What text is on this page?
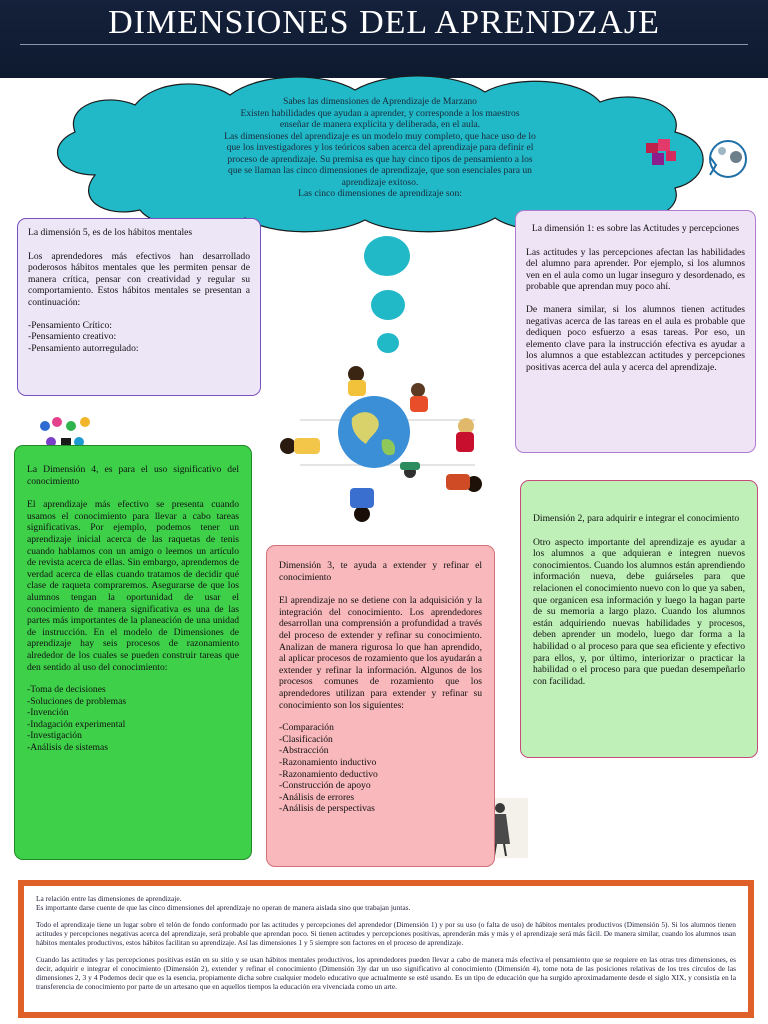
DIMENSIONES DEL APRENDZAJE
Sabes las dimensiones de Aprendizaje de Marzano
Existen habilidades que ayudan a aprender, y corresponde a los maestros
enseñar de manera explícita y deliberada, en el aula.
Las dimensiones del aprendizaje es un modelo muy completo, que hace uso de lo
que los investigadores y los teóricos saben acerca del aprendizaje para definir el
proceso de aprendizaje. Su premisa es que hay cinco tipos de pensamiento a los
que se llaman las cinco dimensiones de aprendizaje, que son esenciales para un
aprendizaje exitoso.
Las cinco dimensiones de aprendizaje son:

La dimensión 5, es de los hábitos mentales

Los aprendedores más efectivos han desarrollado poderosos hábitos mentales que les permiten pensar de manera crítica, pensar con creatividad y regular su comportamiento. Estos hábitos mentales se presentan a continuación:

-Pensamiento Crítico:
-Pensamiento creativo:
-Pensamiento autorregulado:

La dimensión 1: es sobre las Actitudes y percepciones

Las actitudes y las percepciones afectan las habilidades del alumno para aprender. Por ejemplo, si los alumnos ven en el aula como un lugar inseguro y desordenado, es probable que aprendan muy poco ahí.

De manera similar, si los alumnos tienen actitudes negativas acerca de las tareas en el aula es probable que dediquen poco esfuerzo a esas tareas. Por eso, un elemento clave para la instrucción efectiva es ayudar a los alumnos a que establezcan actitudes y percepciones positivas acerca del aula y acerca del aprendizaje.

La Dimensión 4, es para el uso significativo del conocimiento

El aprendizaje más efectivo se presenta cuando usamos el conocimiento para llevar a cabo tareas significativas. Por ejemplo, podemos tener un aprendizaje inicial acerca de las raquetas de tenis cuando hablamos con un amigo o leemos un artículo de revista acerca de ellas. Sin embargo, aprendemos de verdad acerca de ellas cuando tratamos de decidir qué clase de raqueta compraremos. Asegurarse de que los alumnos tengan la oportunidad de usar el conocimiento de manera significativa es una de las partes más importantes de la planeación de una unidad de instrucción. En el modelo de Dimensiones de aprendizaje hay seis procesos de razonamiento alrededor de los cuales se pueden construir tareas que den sentido al uso del conocimiento:

-Toma de decisiones
-Soluciones de problemas
-Invención
-Indagación experimental
-Investigación
-Análisis de sistemas

Dimensión 3, te ayuda a extender y refinar el conocimiento

El aprendizaje no se detiene con la adquisición y la integración del conocimiento. Los aprendedores desarrollan una comprensión a profundidad a través del proceso de extender y refinar su conocimiento. Analizan de manera rigurosa lo que han aprendido, al aplicar procesos de rozamiento que los ayudarán a extender y refinar la información. Algunos de los procesos comunes de rozamiento que los aprendedores utilizan para extender y refinar su conocimiento son los siguientes:

-Comparación
-Clasificación
-Abstracción
-Razonamiento inductivo
-Razonamiento deductivo
-Construcción de apoyo
-Análisis de errores
-Análisis de perspectivas

Dimensión 2, para adquirir e integrar el conocimiento

Otro aspecto importante del aprendizaje es ayudar a los alumnos a que adquieran e integren nuevos conocimientos. Cuando los alumnos están aprendiendo información nueva, debe guiárseles para que relacionen el conocimiento nuevo con lo que ya saben, que organicen esa información y luego la hagan parte de su memoria a largo plazo. Cuando los alumnos están adquiriendo nuevas habilidades y procesos, deben aprender un modelo, luego dar forma a la habilidad o al proceso para que sea eficiente y efectivo para ellos, y, por último, interiorizar o practicar la habilidad o el proceso para que puedan desempeñarlo con facilidad.

La relación entre las dimensiones de aprendizaje.

Es importante darse cuente de que las cinco dimensiones del aprendizaje no operan de manera aislada sino que trabajan juntas.

Todo el aprendizaje tiene un lugar sobre el telón de fondo conformado por las actitudes y percepciones del aprendedor (Dimensión 1) y por su uso (o falta de uso) de hábitos mentales productivos (Dimensión 5). Si los alumnos tienen actitudes y percepciones negativas acerca del aprendizaje, será probable que aprendan poco. Si tienen actitudes y percepciones positivas, aprenderán más y más y el aprendizaje será más fácil. De manera similar, cuando los alumnos usan hábitos mentales productivos, estos hábitos facilitan su aprendizaje. Así las dimensiones 1 y 5 siempre son factores en el proceso de aprendizaje.

Cuando las actitudes y las percepciones positivas están en su sitio y se usan hábitos mentales productivos, los aprendedores pueden llevar a cabo de manera más efectiva el pensamiento que se requiere en las otras tres dimensiones, es decir, adquirir e integrar el conocimiento (Dimensión 2), extender y refinar el conocimiento (Dimensión 3)y dar un uso significativo al conocimiento (Dimensión 4), tome nota de las posiciones relativas de los tres círculos de las dimensiones 2, 3 y 4 Podemos decir que es la esencia, propiamente dicha sobre cualquier modelo educativo que actualmente se esté usando. Es un tipo de educación que ha surgido aproximadamente desde el siglo XIX, y consistía en la transferencia de conocimiento por parte de un artesano que en aquellos tiempos la educación era vivenciada como un arte.
